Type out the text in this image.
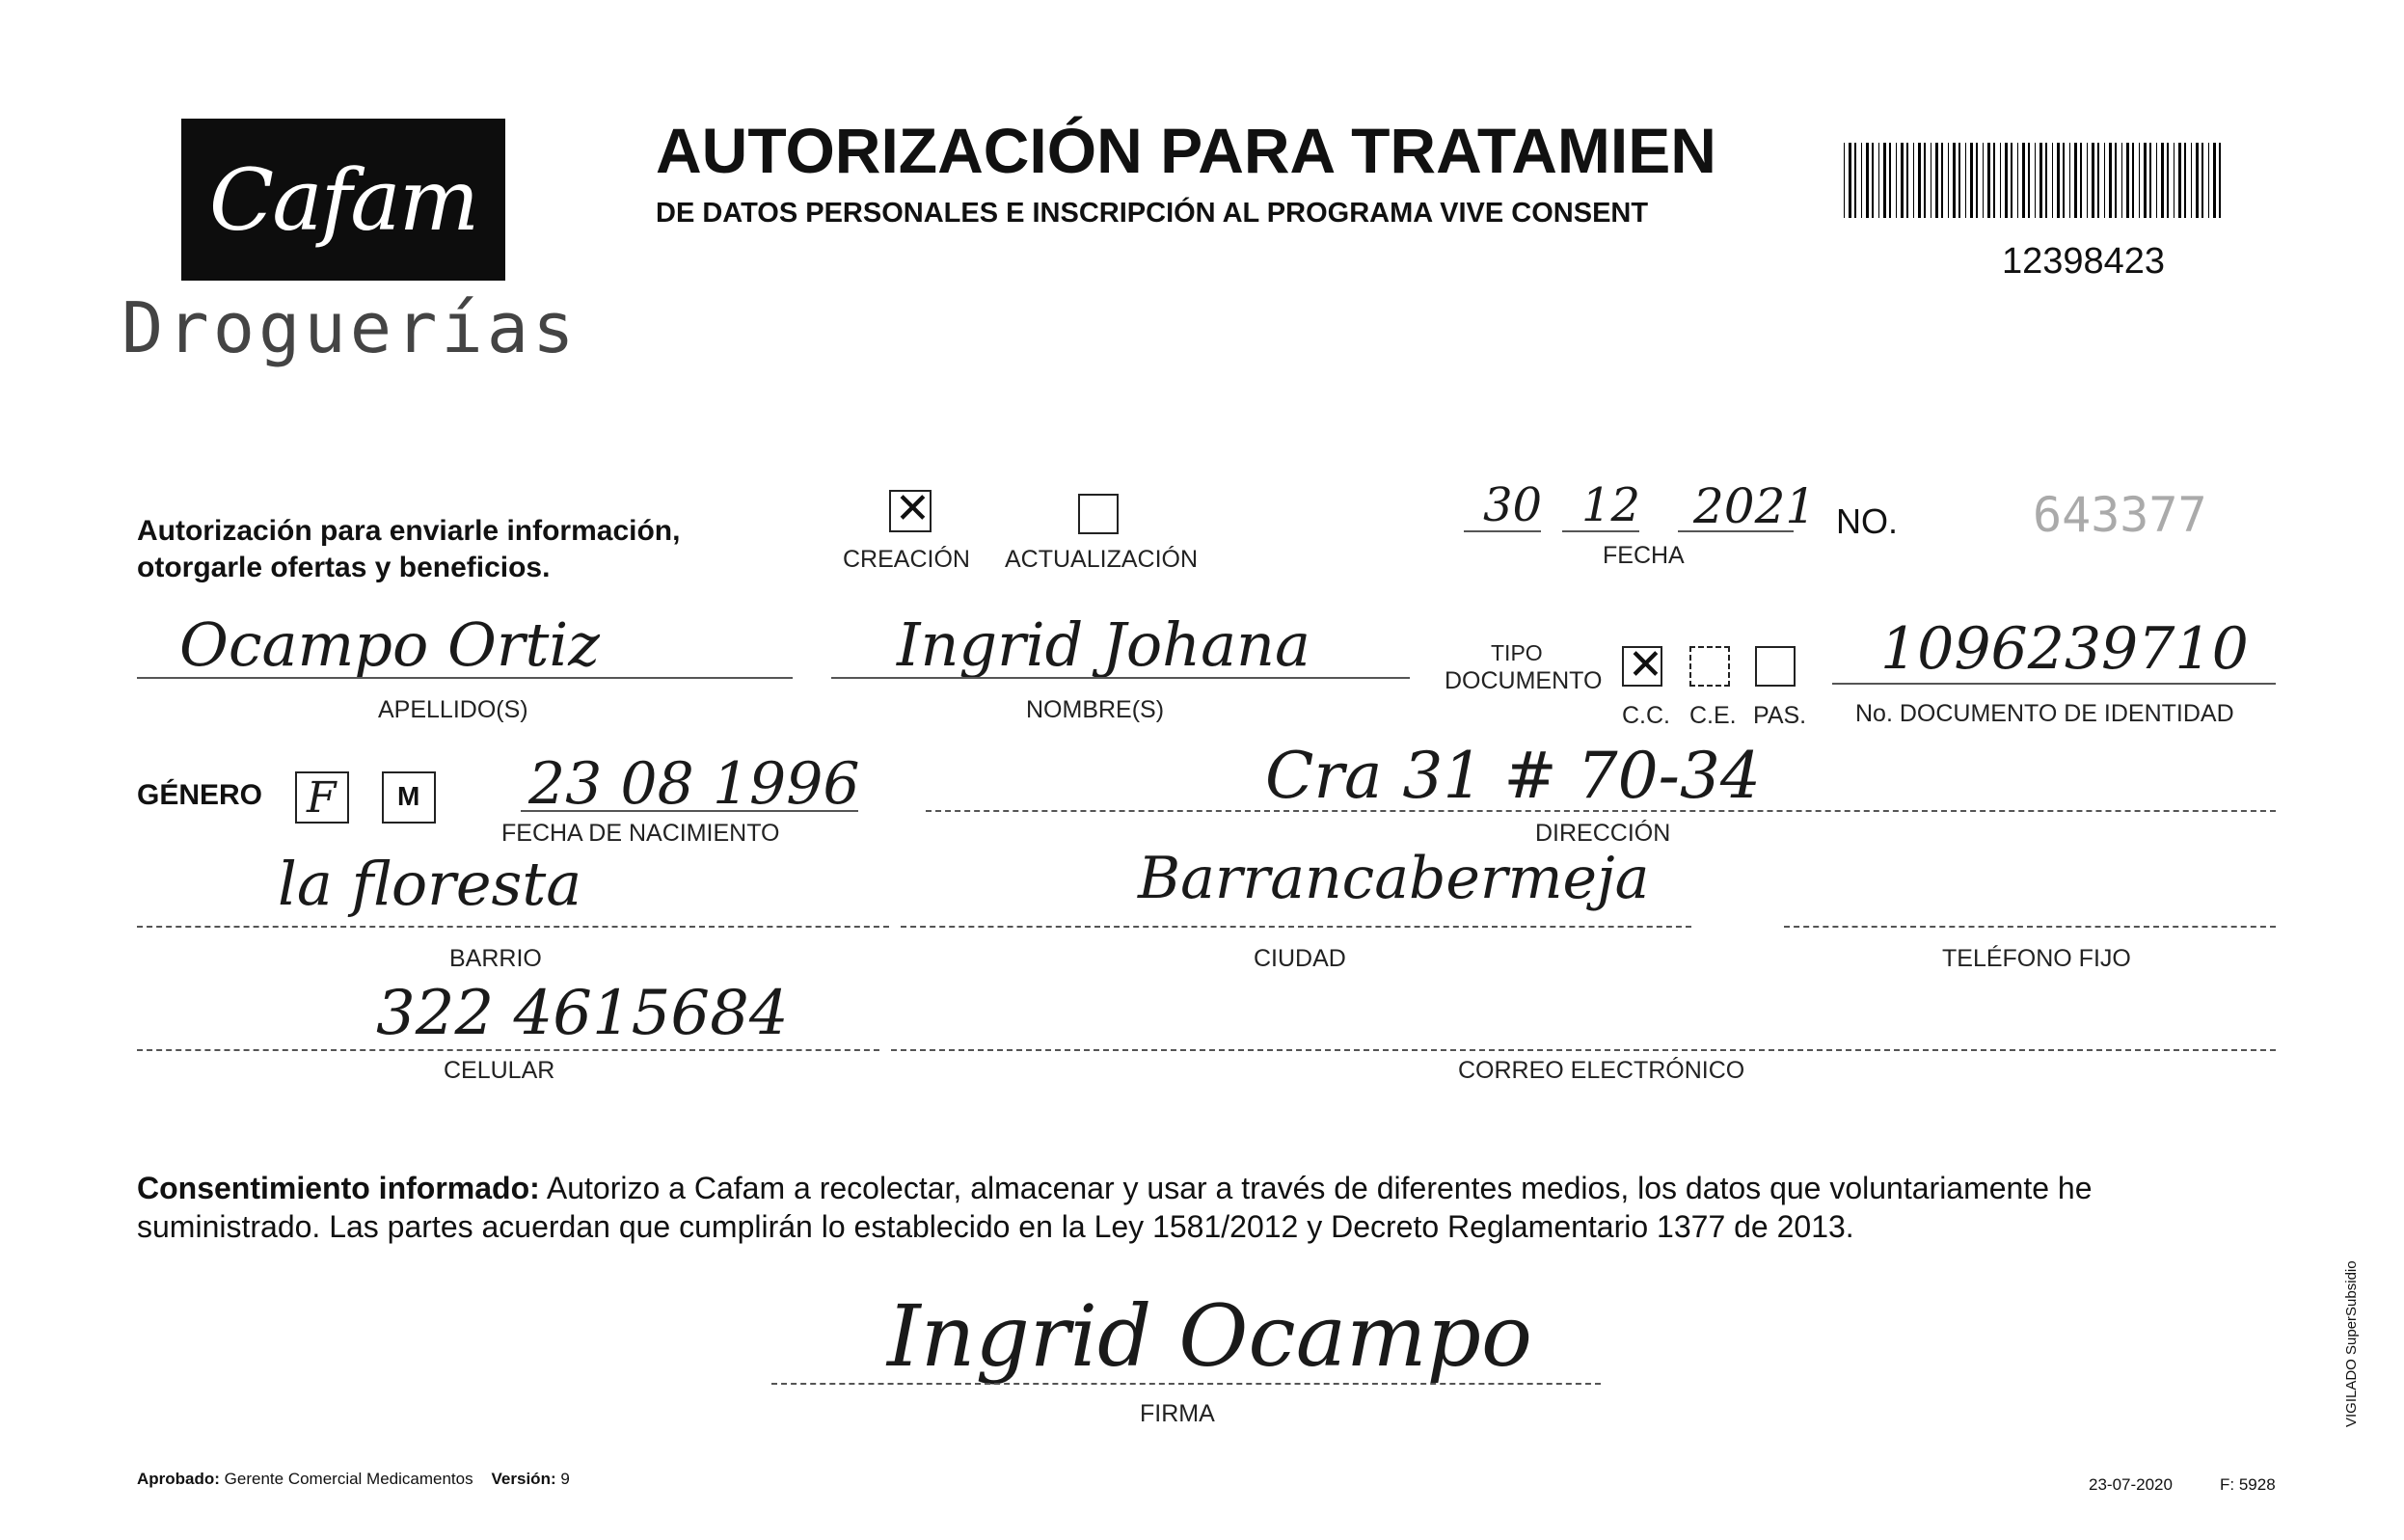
Cafam
Droguerías
AUTORIZACIÓN PARA TRATAMIEN
DE DATOS PERSONALES E INSCRIPCIÓN AL PROGRAMA VIVE CONSENT
12398423
Autorización para enviarle información,
otorgarle ofertas y beneficios.
✕	CREACIÓN ACTUALIZACIÓN
30 12 2021
FECHA
NO.	643377
Ocampo Ortiz
APELLIDO(S)
Ingrid Johana
NOMBRE(S)
TIPO
DOCUMENTO
✕
C.C. C.E. PAS.
1096239710
No. DOCUMENTO DE IDENTIDAD
GÉNERO F M 23 08 1996
FECHA DE NACIMIENTO
Cra 31 # 70-34
DIRECCIÓN
la floresta
BARRIO
Barrancabermeja
CIUDAD	TELÉFONO FIJO
322 4615684
CELULAR	CORREO ELECTRÓNICO
Consentimiento informado: Autorizo a Cafam a recolectar, almacenar y usar a través de diferentes medios, los datos que voluntariamente he suministrado. Las partes acuerdan que cumplirán lo establecido en la Ley 1581/2012 y Decreto Reglamentario 1377 de 2013.
Ingrid Ocampo
FIRMA
Aprobado: Gerente Comercial Medicamentos Versión: 9	23-07-2020	F: 5928
VIGILADO SuperSubsidio
